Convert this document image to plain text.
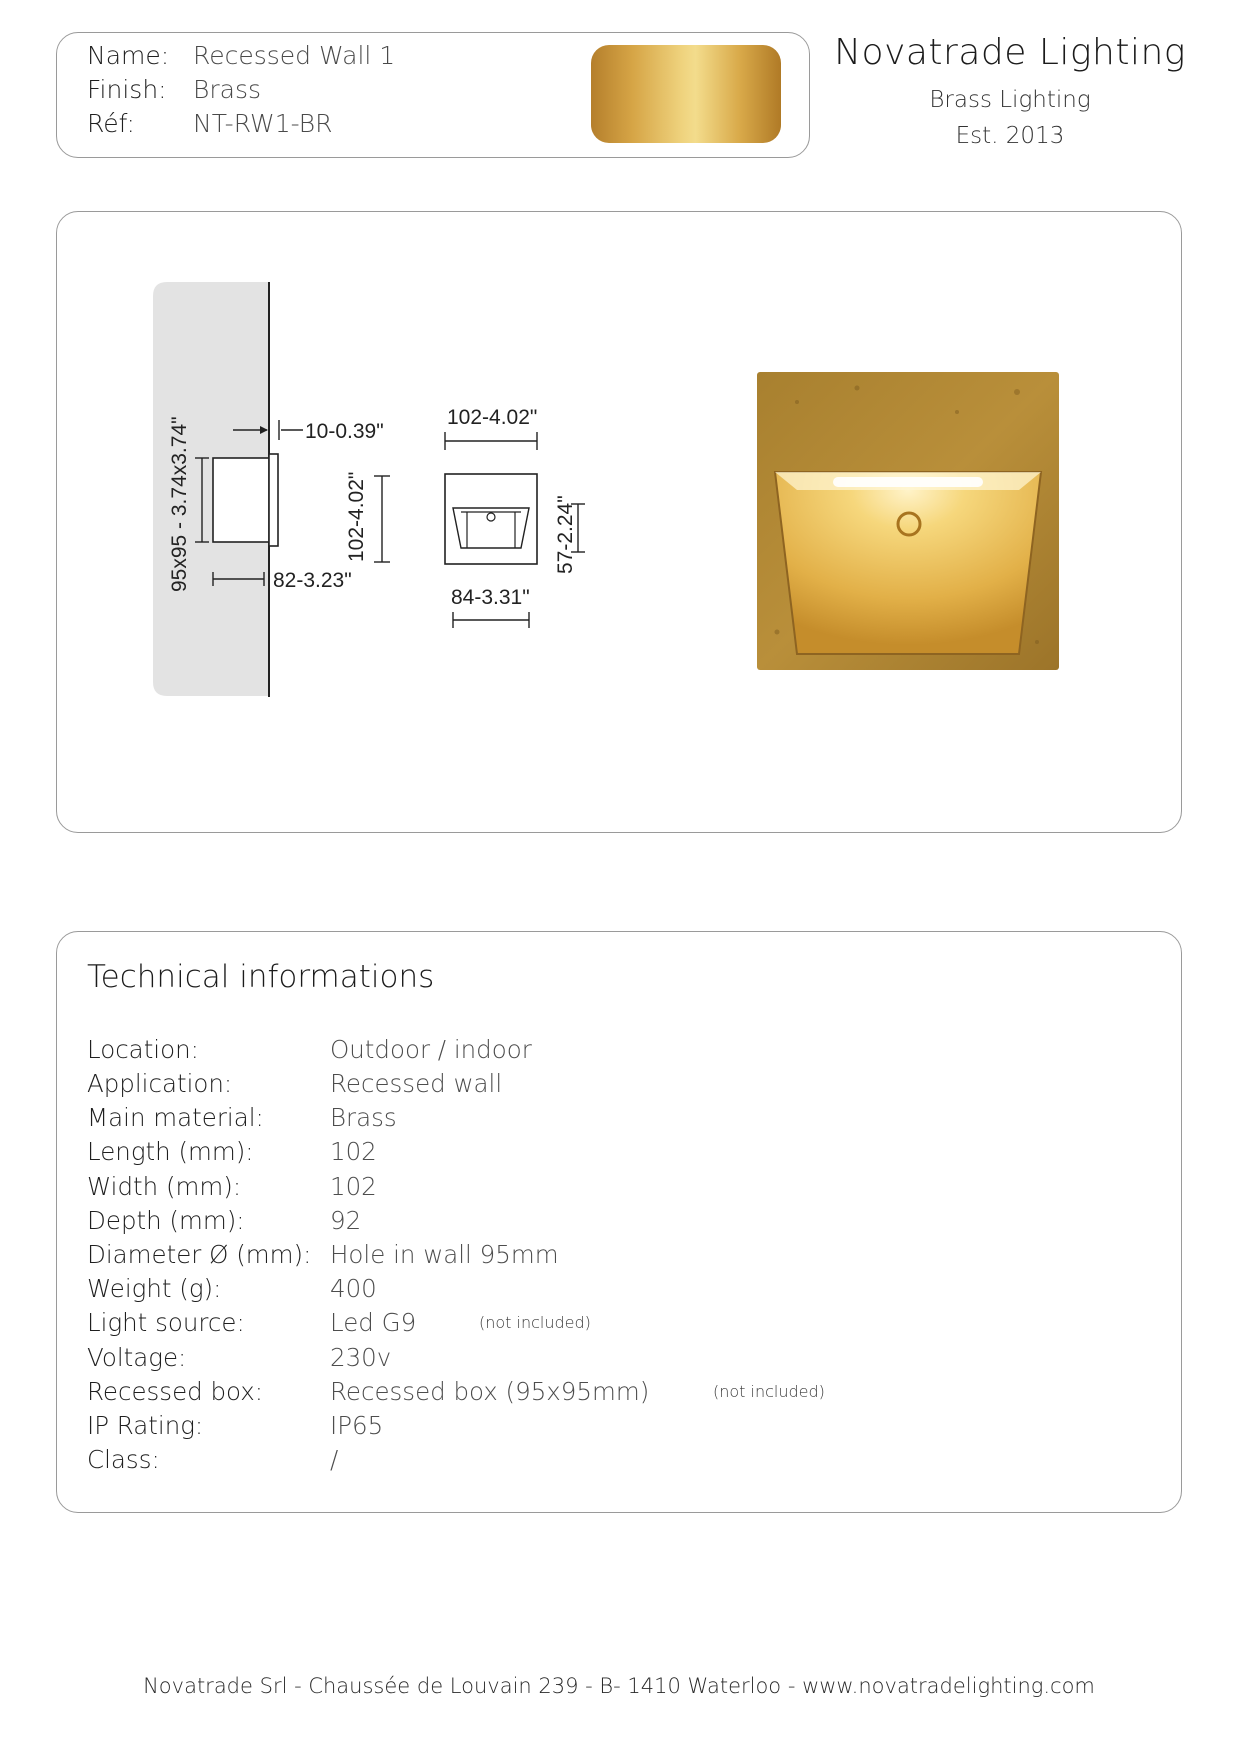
Name: Recessed Wall 1
Finish: Brass
Réf: NT-RW1-BR
Novatrade Lighting
Brass Lighting
Est. 2013
10-0.39"
95x95 - 3.74x3.74"	82-3.23"
102-4.02"
102-4.02"
57-2.24"
84-3.31"
Technical informations
Location:	Outdoor / indoor
Application:	Recessed wall
Main material:	Brass
Length (mm):	102
Width (mm):	102
Depth (mm):	92
Diameter Ø (mm): Hole in wall 95mm
Weight (g):	400
Light source:	Led G9	(not included)
Voltage:	230v
Recessed box:	Recessed box (95x95mm)	(not included)
IP Rating:	IP65
Class:	/
Novatrade Srl - Chaussée de Louvain 239 - B- 1410 Waterloo - www.novatradelighting.com
